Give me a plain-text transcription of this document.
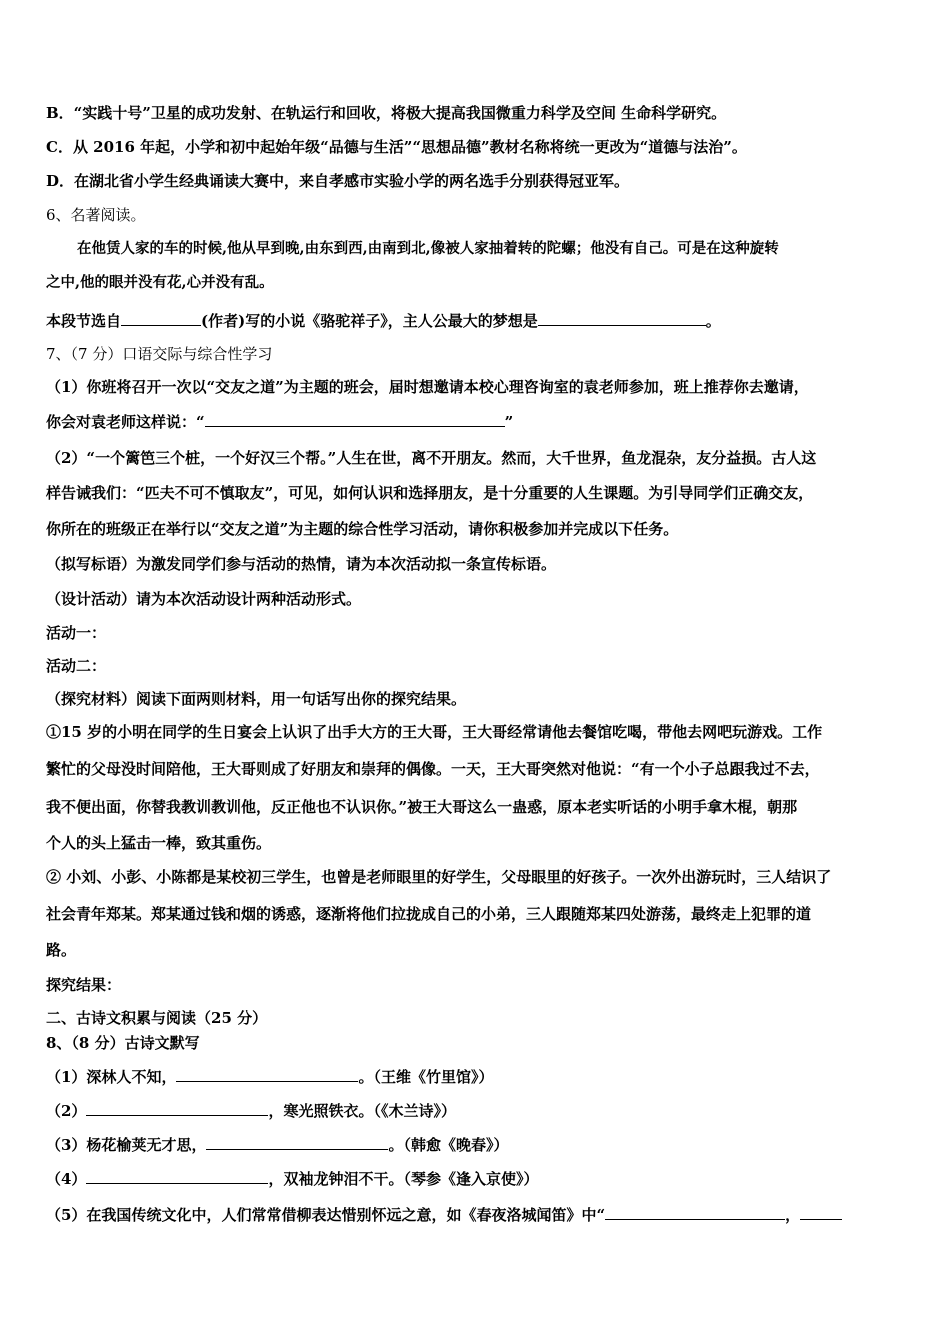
B．“实践十号”卫星的成功发射、在轨运行和回收，将极大提高我国微重力科学及空间 生命科学研究。
C．从 2016 年起，小学和初中起始年级“品德与生活”“思想品德”教材名称将统一更改为“道德与法治”。
D．在湖北省小学生经典诵读大赛中，来自孝感市实验小学的两名选手分别获得冠亚军。
6、名著阅读。
在他赁人家的车的时候,他从早到晚,由东到西,由南到北,像被人家抽着转的陀螺；他没有自己。可是在这种旋转
之中,他的眼并没有花,心并没有乱。
本段节选自	(作者)写的小说《骆驼祥子》，主人公最大的梦想是	。
7、（7 分）口语交际与综合性学习
（1）你班将召开一次以“交友之道”为主题的班会，届时想邀请本校心理咨询室的袁老师参加，班上推荐你去邀请，
你会对袁老师这样说：“	”
（2）“一个篱笆三个桩，一个好汉三个帮。”人生在世，离不开朋友。然而，大千世界，鱼龙混杂，友分益损。古人这
样告诫我们：“匹夫不可不慎取友”，可见，如何认识和选择朋友，是十分重要的人生课题。为引导同学们正确交友，
你所在的班级正在举行以“交友之道”为主题的综合性学习活动，请你积极参加并完成以下任务。
（拟写标语）为激发同学们参与活动的热情，请为本次活动拟一条宣传标语。
（设计活动）请为本次活动设计两种活动形式。
活动一：
活动二：
（探究材料）阅读下面两则材料，用一句话写出你的探究结果。
①15 岁的小明在同学的生日宴会上认识了出手大方的王大哥，王大哥经常请他去餐馆吃喝，带他去网吧玩游戏。工作
繁忙的父母没时间陪他，王大哥则成了好朋友和崇拜的偶像。一天，王大哥突然对他说：“有一个小子总跟我过不去，
我不便出面，你替我教训教训他，反正他也不认识你。”被王大哥这么一蛊惑，原本老实听话的小明手拿木棍，朝那
个人的头上猛击一棒，致其重伤。
② 小刘、小彭、小陈都是某校初三学生，也曾是老师眼里的好学生，父母眼里的好孩子。一次外出游玩时，三人结识了
社会青年郑某。郑某通过钱和烟的诱惑，逐渐将他们拉拢成自己的小弟，三人跟随郑某四处游荡，最终走上犯罪的道
路。
探究结果：
二、古诗文积累与阅读（25 分）
8、（8 分）古诗文默写
（1）深林人不知，	。（王维《竹里馆》）
（2）	，寒光照铁衣。（《木兰诗》）
（3）杨花榆荚无才思，	。（韩愈《晚春》）
（4）	，双袖龙钟泪不干。（琴参《逢入京使》）
（5）在我国传统文化中，人们常常借柳表达惜别怀远之意，如《春夜洛城闻笛》中“	，
